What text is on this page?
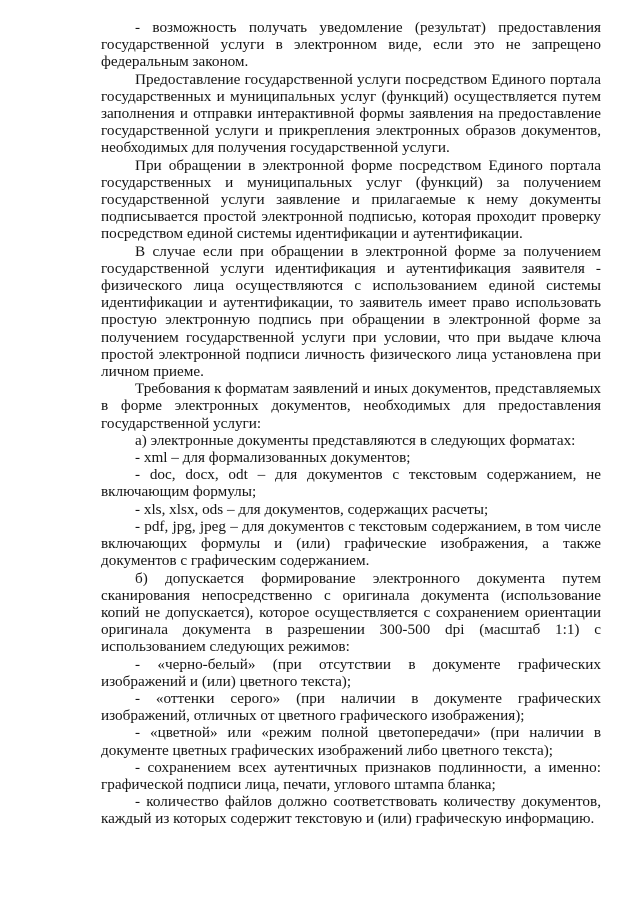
- возможность получать уведомление (результат) предоставления государственной услуги в электронном виде, если это не запрещено федеральным законом.

Предоставление государственной услуги посредством Единого портала государственных и муниципальных услуг (функций) осуществляется путем заполнения и отправки интерактивной формы заявления на предоставление государственной услуги и прикрепления электронных образов документов, необходимых для получения государственной услуги.

При обращении в электронной форме посредством Единого портала государственных и муниципальных услуг (функций) за получением государственной услуги заявление и прилагаемые к нему документы подписывается простой электронной подписью, которая проходит проверку посредством единой системы идентификации и аутентификации.

В случае если при обращении в электронной форме за получением государственной услуги идентификация и аутентификация заявителя - физического лица осуществляются с использованием единой системы идентификации и аутентификации, то заявитель имеет право использовать простую электронную подпись при обращении в электронной форме за получением государственной услуги при условии, что при выдаче ключа простой электронной подписи личность физического лица установлена при личном приеме.

Требования к форматам заявлений и иных документов, представляемых в форме электронных документов, необходимых для предоставления государственной услуги:

а) электронные документы представляются в следующих форматах:

- xml – для формализованных документов;

- doc, docx, odt – для документов с текстовым содержанием, не включающим формулы;

- xls, xlsx, ods – для документов, содержащих расчеты;

- pdf, jpg, jpeg – для документов с текстовым содержанием, в том числе включающих формулы и (или) графические изображения, а также документов с графическим содержанием.

б) допускается формирование электронного документа путем сканирования непосредственно с оригинала документа (использование копий не допускается), которое осуществляется с сохранением ориентации оригинала документа в разрешении 300-500 dpi (масштаб 1:1) с использованием следующих режимов:

- «черно-белый» (при отсутствии в документе графических изображений и (или) цветного текста);

- «оттенки серого» (при наличии в документе графических изображений, отличных от цветного графического изображения);

- «цветной» или «режим полной цветопередачи» (при наличии в документе цветных графических изображений либо цветного текста);

- сохранением всех аутентичных признаков подлинности, а именно: графической подписи лица, печати, углового штампа бланка;

- количество файлов должно соответствовать количеству документов, каждый из которых содержит текстовую и (или) графическую информацию.
